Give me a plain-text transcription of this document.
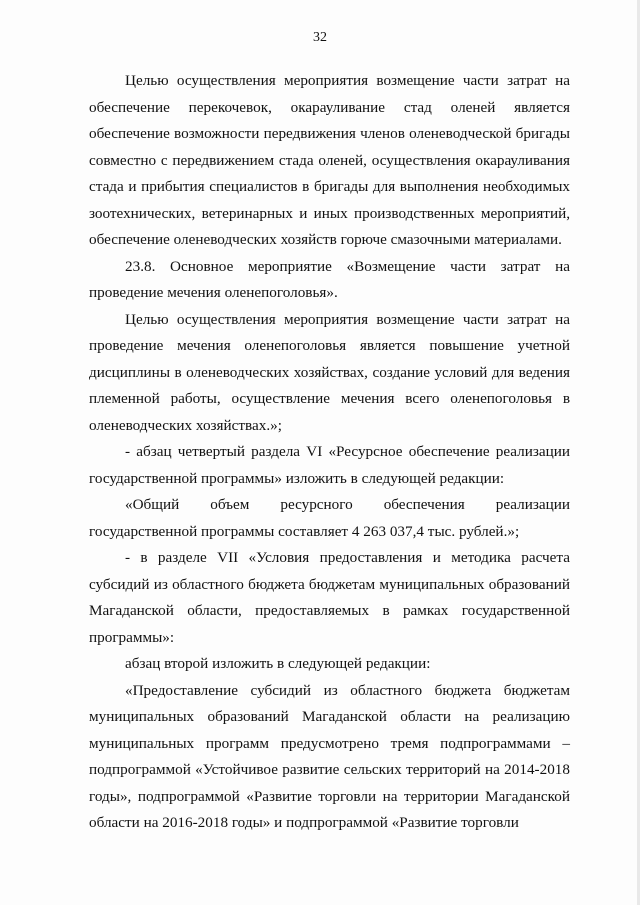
32

Целью осуществления мероприятия возмещение части затрат на обеспечение перекочевок, окарауливание стад оленей является обеспечение возможности передвижения членов оленеводческой бригады совместно с передвижением стада оленей, осуществления окарауливания стада и прибытия специалистов в бригады для выполнения необходимых зоотехнических, ветеринарных и иных производственных мероприятий, обеспечение оленеводческих хозяйств горюче смазочными материалами.

23.8. Основное мероприятие «Возмещение части затрат на проведение мечения оленепоголовья».

Целью осуществления мероприятия возмещение части затрат на проведение мечения оленепоголовья является повышение учетной дисциплины в оленеводческих хозяйствах, создание условий для ведения племенной работы, осуществление мечения всего оленепоголовья в оленеводческих хозяйствах.»;

- абзац четвертый раздела VI «Ресурсное обеспечение реализации государственной программы» изложить в следующей редакции:

«Общий объем ресурсного обеспечения реализации государственной программы составляет 4 263 037,4 тыс. рублей.»;

- в разделе VII «Условия предоставления и методика расчета субсидий из областного бюджета бюджетам муниципальных образований Магаданской области, предоставляемых в рамках государственной программы»:

абзац второй изложить в следующей редакции:

«Предоставление субсидий из областного бюджета бюджетам муниципальных образований Магаданской области на реализацию муниципальных программ предусмотрено тремя подпрограммами – подпрограммой «Устойчивое развитие сельских территорий на 2014-2018 годы», подпрограммой «Развитие торговли на территории Магаданской области на 2016-2018 годы» и подпрограммой «Развитие торговли
